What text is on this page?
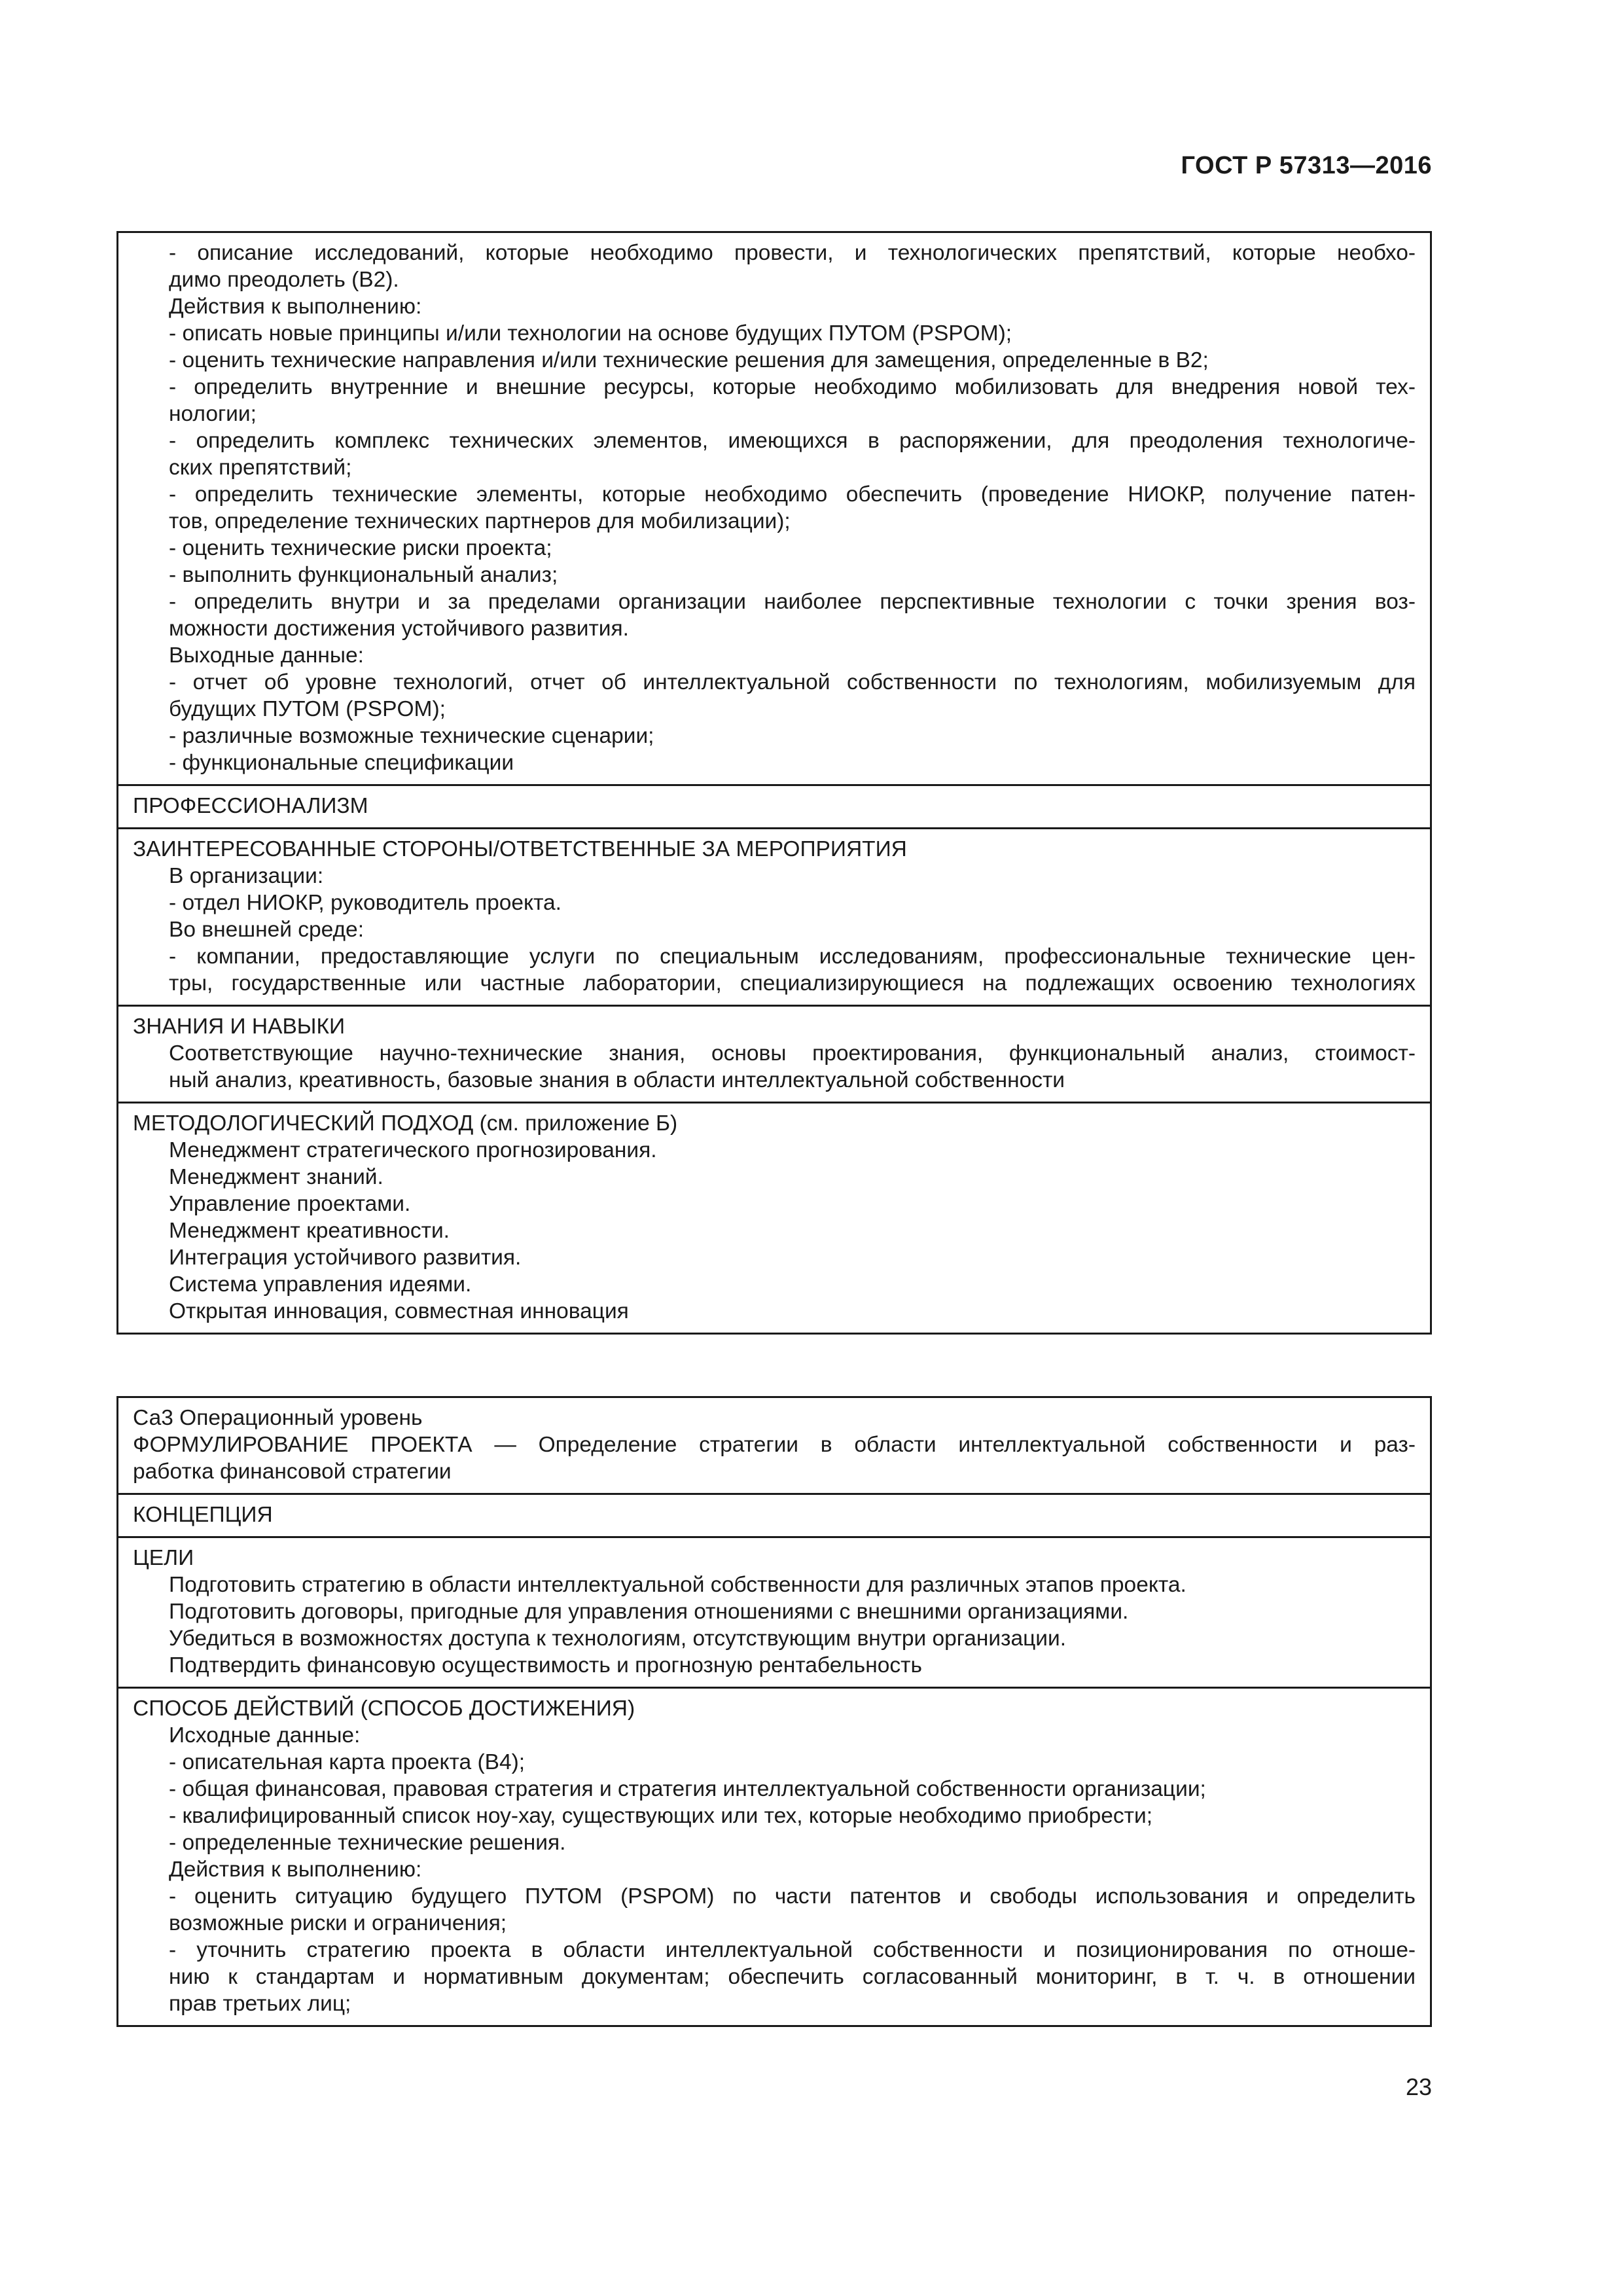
ГОСТ Р 57313—2016
- описание исследований, которые необходимо провести, и технологических препятствий, которые необхо-
димо преодолеть (В2).
Действия к выполнению:
- описать новые принципы и/или технологии на основе будущих ПУТОМ (PSPOM);
- оценить технические направления и/или технические решения для замещения, определенные в В2;
- определить внутренние и внешние ресурсы, которые необходимо мобилизовать для внедрения новой тех-
нологии;
- определить комплекс технических элементов, имеющихся в распоряжении, для преодоления технологиче-
ских препятствий;
- определить технические элементы, которые необходимо обеспечить (проведение НИОКР, получение патен-
тов, определение технических партнеров для мобилизации);
- оценить технические риски проекта;
- выполнить функциональный анализ;
- определить внутри и за пределами организации наиболее перспективные технологии с точки зрения воз-
можности достижения устойчивого развития.
Выходные данные:
- отчет об уровне технологий, отчет об интеллектуальной собственности по технологиям, мобилизуемым для
будущих ПУТОМ (PSPOM);
- различные возможные технические сценарии;
- функциональные спецификации
ПРОФЕССИОНАЛИЗМ
ЗАИНТЕРЕСОВАННЫЕ СТОРОНЫ/ОТВЕТСТВЕННЫЕ ЗА МЕРОПРИЯТИЯ
В организации:
- отдел НИОКР, руководитель проекта.
Во внешней среде:
- компании, предоставляющие услуги по специальным исследованиям, профессиональные технические цен-
тры, государственные или частные лаборатории, специализирующиеся на подлежащих освоению технологиях
ЗНАНИЯ И НАВЫКИ
Соответствующие научно-технические знания, основы проектирования, функциональный анализ, стоимост-
ный анализ, креативность, базовые знания в области интеллектуальной собственности
МЕТОДОЛОГИЧЕСКИЙ ПОДХОД (см. приложение Б)
Менеджмент стратегического прогнозирования.
Менеджмент знаний.
Управление проектами.
Менеджмент креативности.
Интеграция устойчивого развития.
Система управления идеями.
Открытая инновация, совместная инновация
Са3 Операционный уровень
ФОРМУЛИРОВАНИЕ ПРОЕКТА — Определение стратегии в области интеллектуальной собственности и раз-
работка финансовой стратегии
КОНЦЕПЦИЯ
ЦЕЛИ
Подготовить стратегию в области интеллектуальной собственности для различных этапов проекта.
Подготовить договоры, пригодные для управления отношениями с внешними организациями.
Убедиться в возможностях доступа к технологиям, отсутствующим внутри организации.
Подтвердить финансовую осуществимость и прогнозную рентабельность
СПОСОБ ДЕЙСТВИЙ (СПОСОБ ДОСТИЖЕНИЯ)
Исходные данные:
- описательная карта проекта (В4);
- общая финансовая, правовая стратегия и стратегия интеллектуальной собственности организации;
- квалифицированный список ноу-хау, существующих или тех, которые необходимо приобрести;
- определенные технические решения.
Действия к выполнению:
- оценить ситуацию будущего ПУТОМ (PSPOM) по части патентов и свободы использования и определить
возможные риски и ограничения;
- уточнить стратегию проекта в области интеллектуальной собственности и позиционирования по отноше-
нию к стандартам и нормативным документам; обеспечить согласованный мониторинг, в т. ч. в отношении
прав третьих лиц;
23
